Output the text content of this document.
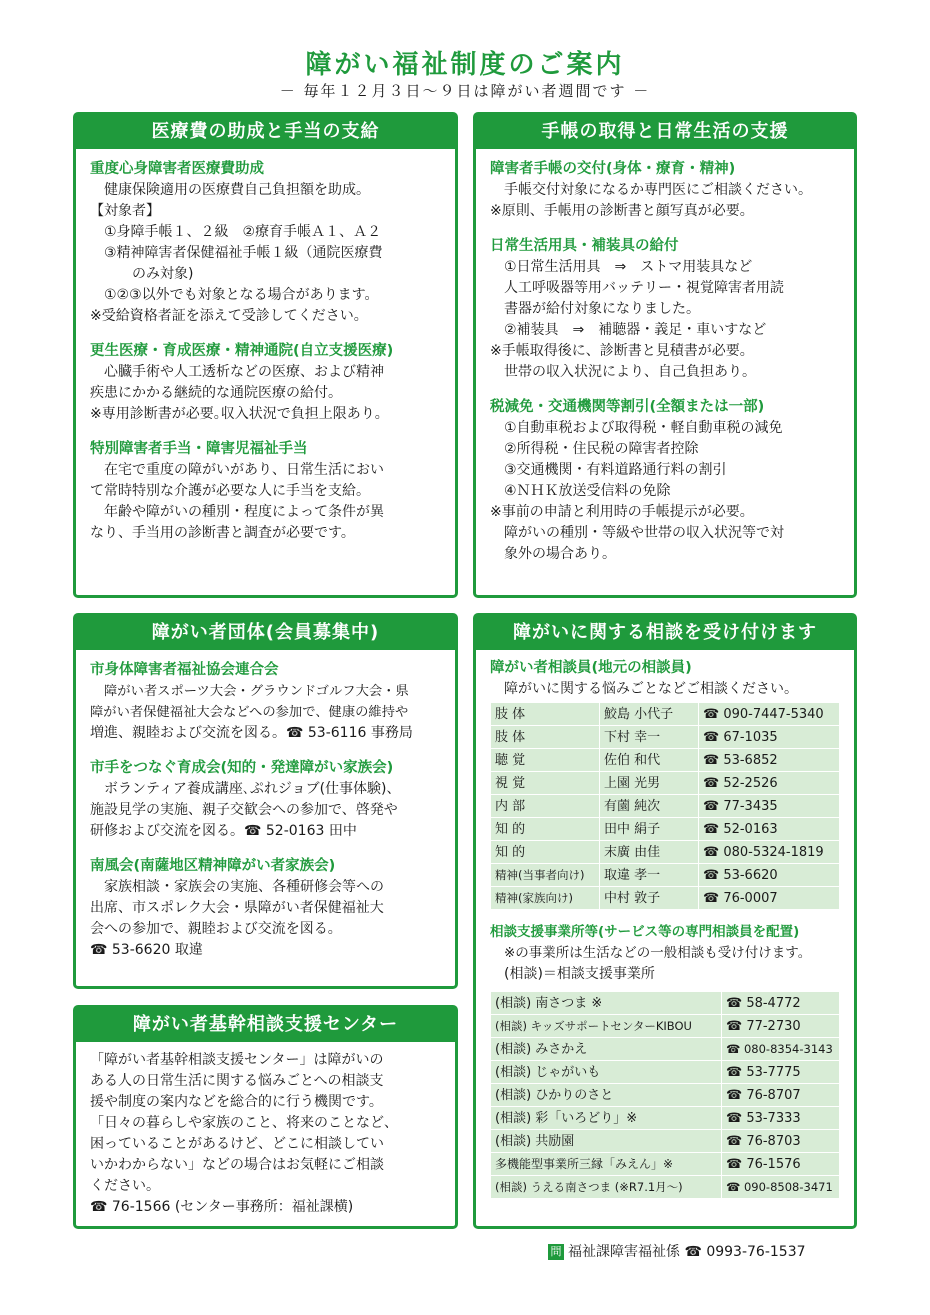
障がい福祉制度のご案内
－ 毎年１２月３日～９日は障がい者週間です －
医療費の助成と手当の支給
重度心身障害者医療費助成
健康保険適用の医療費自己負担額を助成。
【対象者】
①身障手帳１、２級　②療育手帳Ａ１、Ａ２
③精神障害者保健福祉手帳１級（通院医療費
のみ対象)
①②③以外でも対象となる場合があります。
※受給資格者証を添えて受診してください。
更生医療・育成医療・精神通院(自立支援医療)
心臓手術や人工透析などの医療、および精神
疾患にかかる継続的な通院医療の給付。
※専用診断書が必要｡収入状況で負担上限あり。
特別障害者手当・障害児福祉手当
在宅で重度の障がいがあり、日常生活におい
て常時特別な介護が必要な人に手当を支給。
年齢や障がいの種別・程度によって条件が異
なり、手当用の診断書と調査が必要です。
手帳の取得と日常生活の支援
障害者手帳の交付(身体・療育・精神)
手帳交付対象になるか専門医にご相談ください。
※原則、手帳用の診断書と顔写真が必要。
日常生活用具・補装具の給付
①日常生活用具　⇒　ストマ用装具など
人工呼吸器等用バッテリー・視覚障害者用読
書器が給付対象になりました。
②補装具　⇒　補聴器・義足・車いすなど
※手帳取得後に、診断書と見積書が必要。
世帯の収入状況により、自己負担あり。
税減免・交通機関等割引(全額または一部)
①自動車税および取得税・軽自動車税の減免
②所得税・住民税の障害者控除
③交通機関・有料道路通行料の割引
④ＮＨＫ放送受信料の免除
※事前の申請と利用時の手帳提示が必要。
障がいの種別・等級や世帯の収入状況等で対
象外の場合あり。
障がい者団体(会員募集中)
市身体障害者福祉協会連合会
障がい者スポーツ大会・グラウンドゴルフ大会・県
障がい者保健福祉大会などへの参加で、健康の維持や
増進、親睦および交流を図る。☎ 53-6116 事務局
市手をつなぐ育成会(知的・発達障がい家族会)
ボランティア養成講座､ぷれジョブ(仕事体験)、
施設見学の実施、親子交歓会への参加で、啓発や
研修および交流を図る。☎ 52-0163 田中
南風会(南薩地区精神障がい者家族会)
家族相談・家族会の実施、各種研修会等への
出席、市スポレク大会・県障がい者保健福祉大
会への参加で、親睦および交流を図る。
☎ 53-6620 取違
障がい者基幹相談支援センター
「障がい者基幹相談支援センター」は障がいの
ある人の日常生活に関する悩みごとへの相談支
援や制度の案内などを総合的に行う機関です。
「日々の暮らしや家族のこと、将来のことなど、
困っていることがあるけど、どこに相談してい
いかわからない」などの場合はお気軽にご相談
ください。
☎ 76-1566 (センター事務所：福祉課横)
障がいに関する相談を受け付けます
障がい者相談員(地元の相談員)
障がいに関する悩みごとなどご相談ください。
肢 体	鮫島 小代子	☎ 090-7447-5340
肢 体	下村 幸一	☎ 67-1035
聴 覚	佐伯 和代	☎ 53-6852
視 覚	上園 光男	☎ 52-2526
内 部	有薗 純次	☎ 77-3435
知 的	田中 絹子	☎ 52-0163
知 的	末廣 由佳	☎ 080-5324-1819
精神(当事者向け)	取違 孝一	☎ 53-6620
精神(家族向け)	中村 敦子	☎ 76-0007
相談支援事業所等(サービス等の専門相談員を配置)
※の事業所は生活などの一般相談も受け付けます。
(相談)＝相談支援事業所
(相談) 南さつま ※	☎ 58-4772
(相談) キッズサポートセンターKIBOU	☎ 77-2730
(相談) みさかえ	☎ 080-8354-3143
(相談) じゃがいも	☎ 53-7775
(相談) ひかりのさと	☎ 76-8707
(相談) 彩「いろどり」※	☎ 53-7333
(相談) 共励園	☎ 76-8703
多機能型事業所三縁「みえん」※	☎ 76-1576
(相談) うえる南さつま (※R7.1月～)	☎ 090-8508-3471
問 福祉課障害福祉係 ☎ 0993-76-1537
